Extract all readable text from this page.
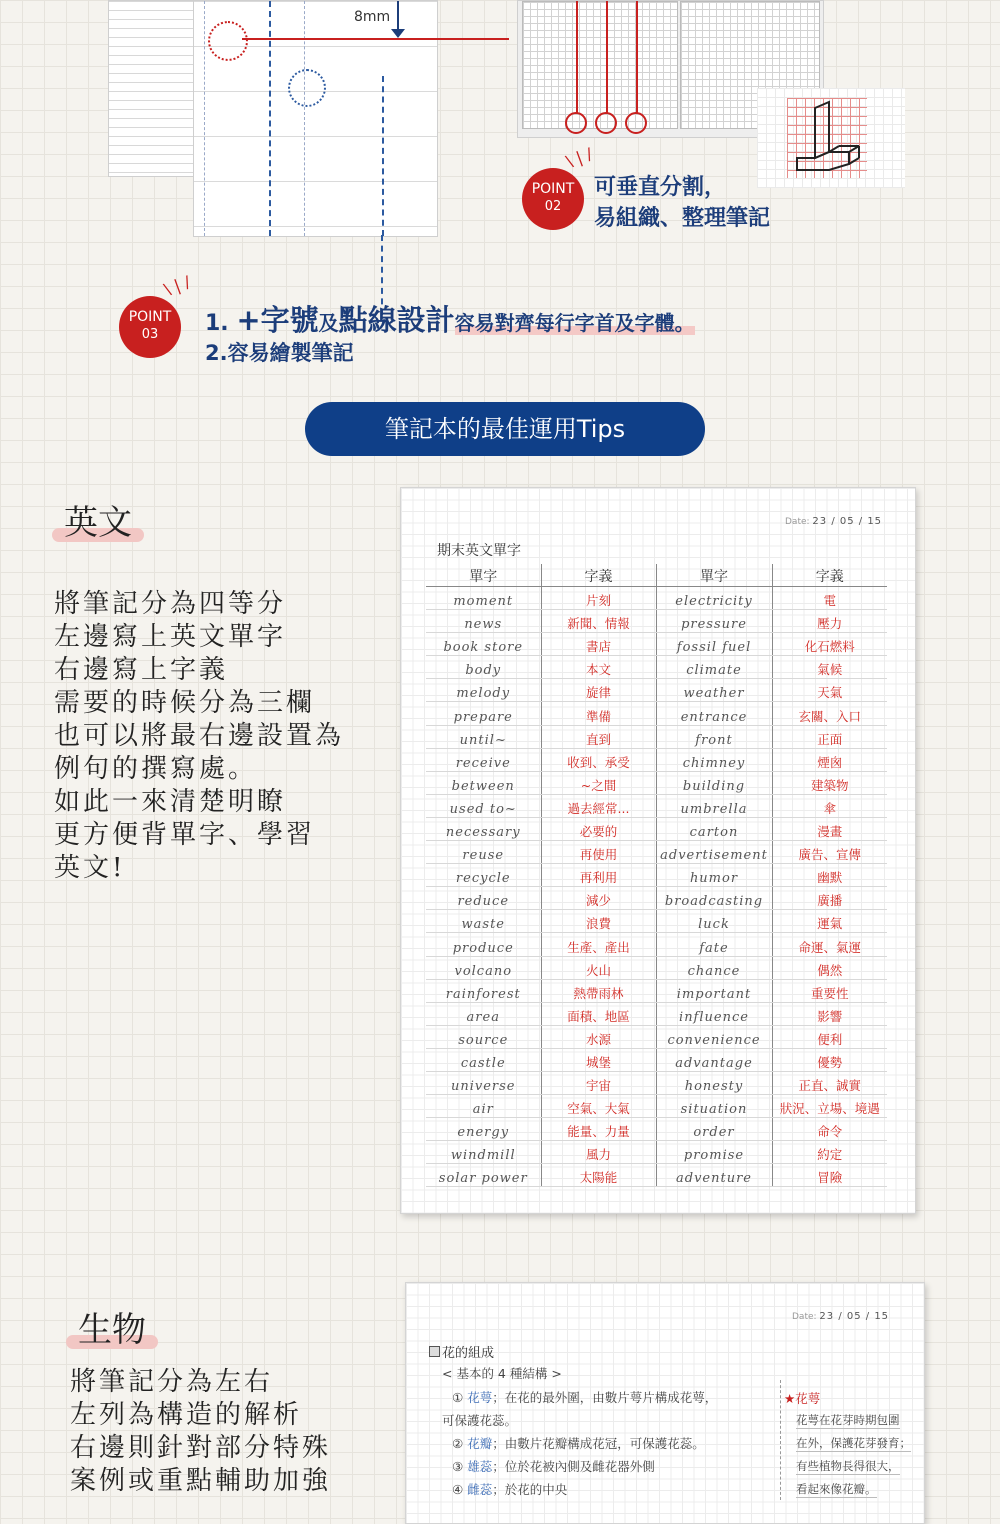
8mm
\ | /
POINT
02
可垂直分割，
易組織、整理筆記
\ | /
POINT
03	1. +字號及點線設計容易對齊每行字首及字體。
2.容易繪製筆記
筆記本的最佳運用Tips
英文
將筆記分為四等分
左邊寫上英文單字
右邊寫上字義
需要的時候分為三欄
也可以將最右邊設置為
例句的撰寫處。
如此一來清楚明瞭
更方便背單字、學習
英文!
Date: 23 / 05 / 15
期末英文單字
單字	字義	單字	字義
moment	片刻	electricity	電
news	新聞、情報	pressure	壓力
book store	書店	fossil fuel	化石燃料
body	本文	climate	氣候
melody	旋律	weather	天氣
prepare	準備	entrance	玄關、入口
until~	直到	front	正面
receive	收到、承受	chimney	煙囪
between	~之間	building	建築物
used to~	過去經常...	umbrella	傘
necessary	必要的	carton	漫畫
reuse	再使用	advertisement	廣告、宣傳
recycle	再利用	humor	幽默
reduce	減少	broadcasting	廣播
waste	浪費	luck	運氣
produce	生產、產出	fate	命運、氣運
volcano	火山	chance	偶然
rainforest	熱帶雨林	important	重要性
area	面積、地區	influence	影響
source	水源	convenience	便利
castle	城堡	advantage	優勢
universe	宇宙	honesty	正直、誠實
air	空氣、大氣	situation	狀況、立場、境遇
energy	能量、力量	order	命令
windmill	風力	promise	約定
solar power	太陽能	adventure	冒險
生物
將筆記分為左右
左列為構造的解析
右邊則針對部分特殊
案例或重點輔助加強
Date: 23 / 05 / 15
花的組成
< 基本的 4 種結構 >
① 花萼；在花的最外圍，由數片萼片構成花萼，
可保護花蕊。
② 花瓣；由數片花瓣構成花冠，可保護花蕊。
③ 雄蕊；位於花被內側及雌花器外側
④ 雌蕊；於花的中央
★花萼
花萼在花芽時期包圍
在外，保護花芽發育；
有些植物長得很大，
看起來像花瓣。
